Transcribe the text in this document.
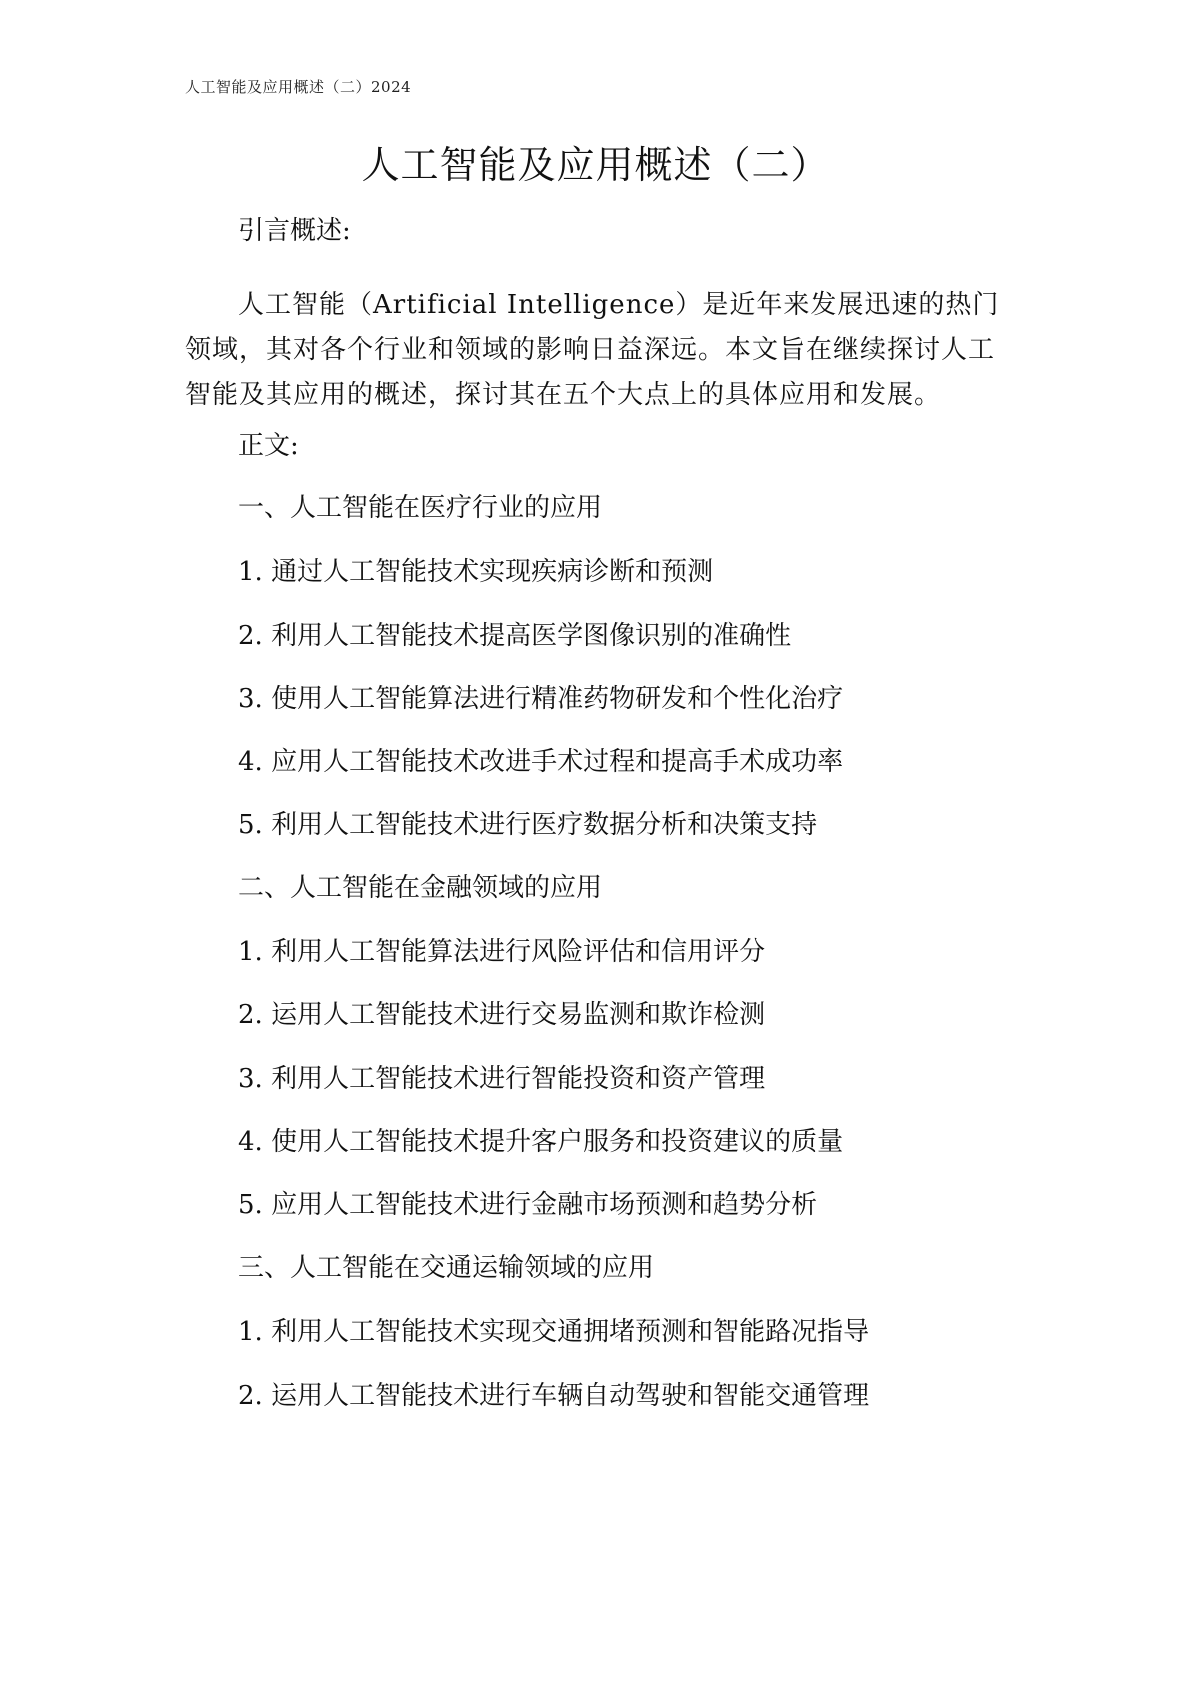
人工智能及应用概述（二）2024
人工智能及应用概述（二）
引言概述:

人工智能（Artificial Intelligence）是近年来发展迅速的热门领域，其对各个行业和领域的影响日益深远。本文旨在继续探讨人工智能及其应用的概述，探讨其在五个大点上的具体应用和发展。

正文:
一、人工智能在医疗行业的应用
1. 通过人工智能技术实现疾病诊断和预测
2. 利用人工智能技术提高医学图像识别的准确性
3. 使用人工智能算法进行精准药物研发和个性化治疗
4. 应用人工智能技术改进手术过程和提高手术成功率
5. 利用人工智能技术进行医疗数据分析和决策支持
二、人工智能在金融领域的应用
1. 利用人工智能算法进行风险评估和信用评分
2. 运用人工智能技术进行交易监测和欺诈检测
3. 利用人工智能技术进行智能投资和资产管理
4. 使用人工智能技术提升客户服务和投资建议的质量
5. 应用人工智能技术进行金融市场预测和趋势分析
三、人工智能在交通运输领域的应用
1. 利用人工智能技术实现交通拥堵预测和智能路况指导
2. 运用人工智能技术进行车辆自动驾驶和智能交通管理
